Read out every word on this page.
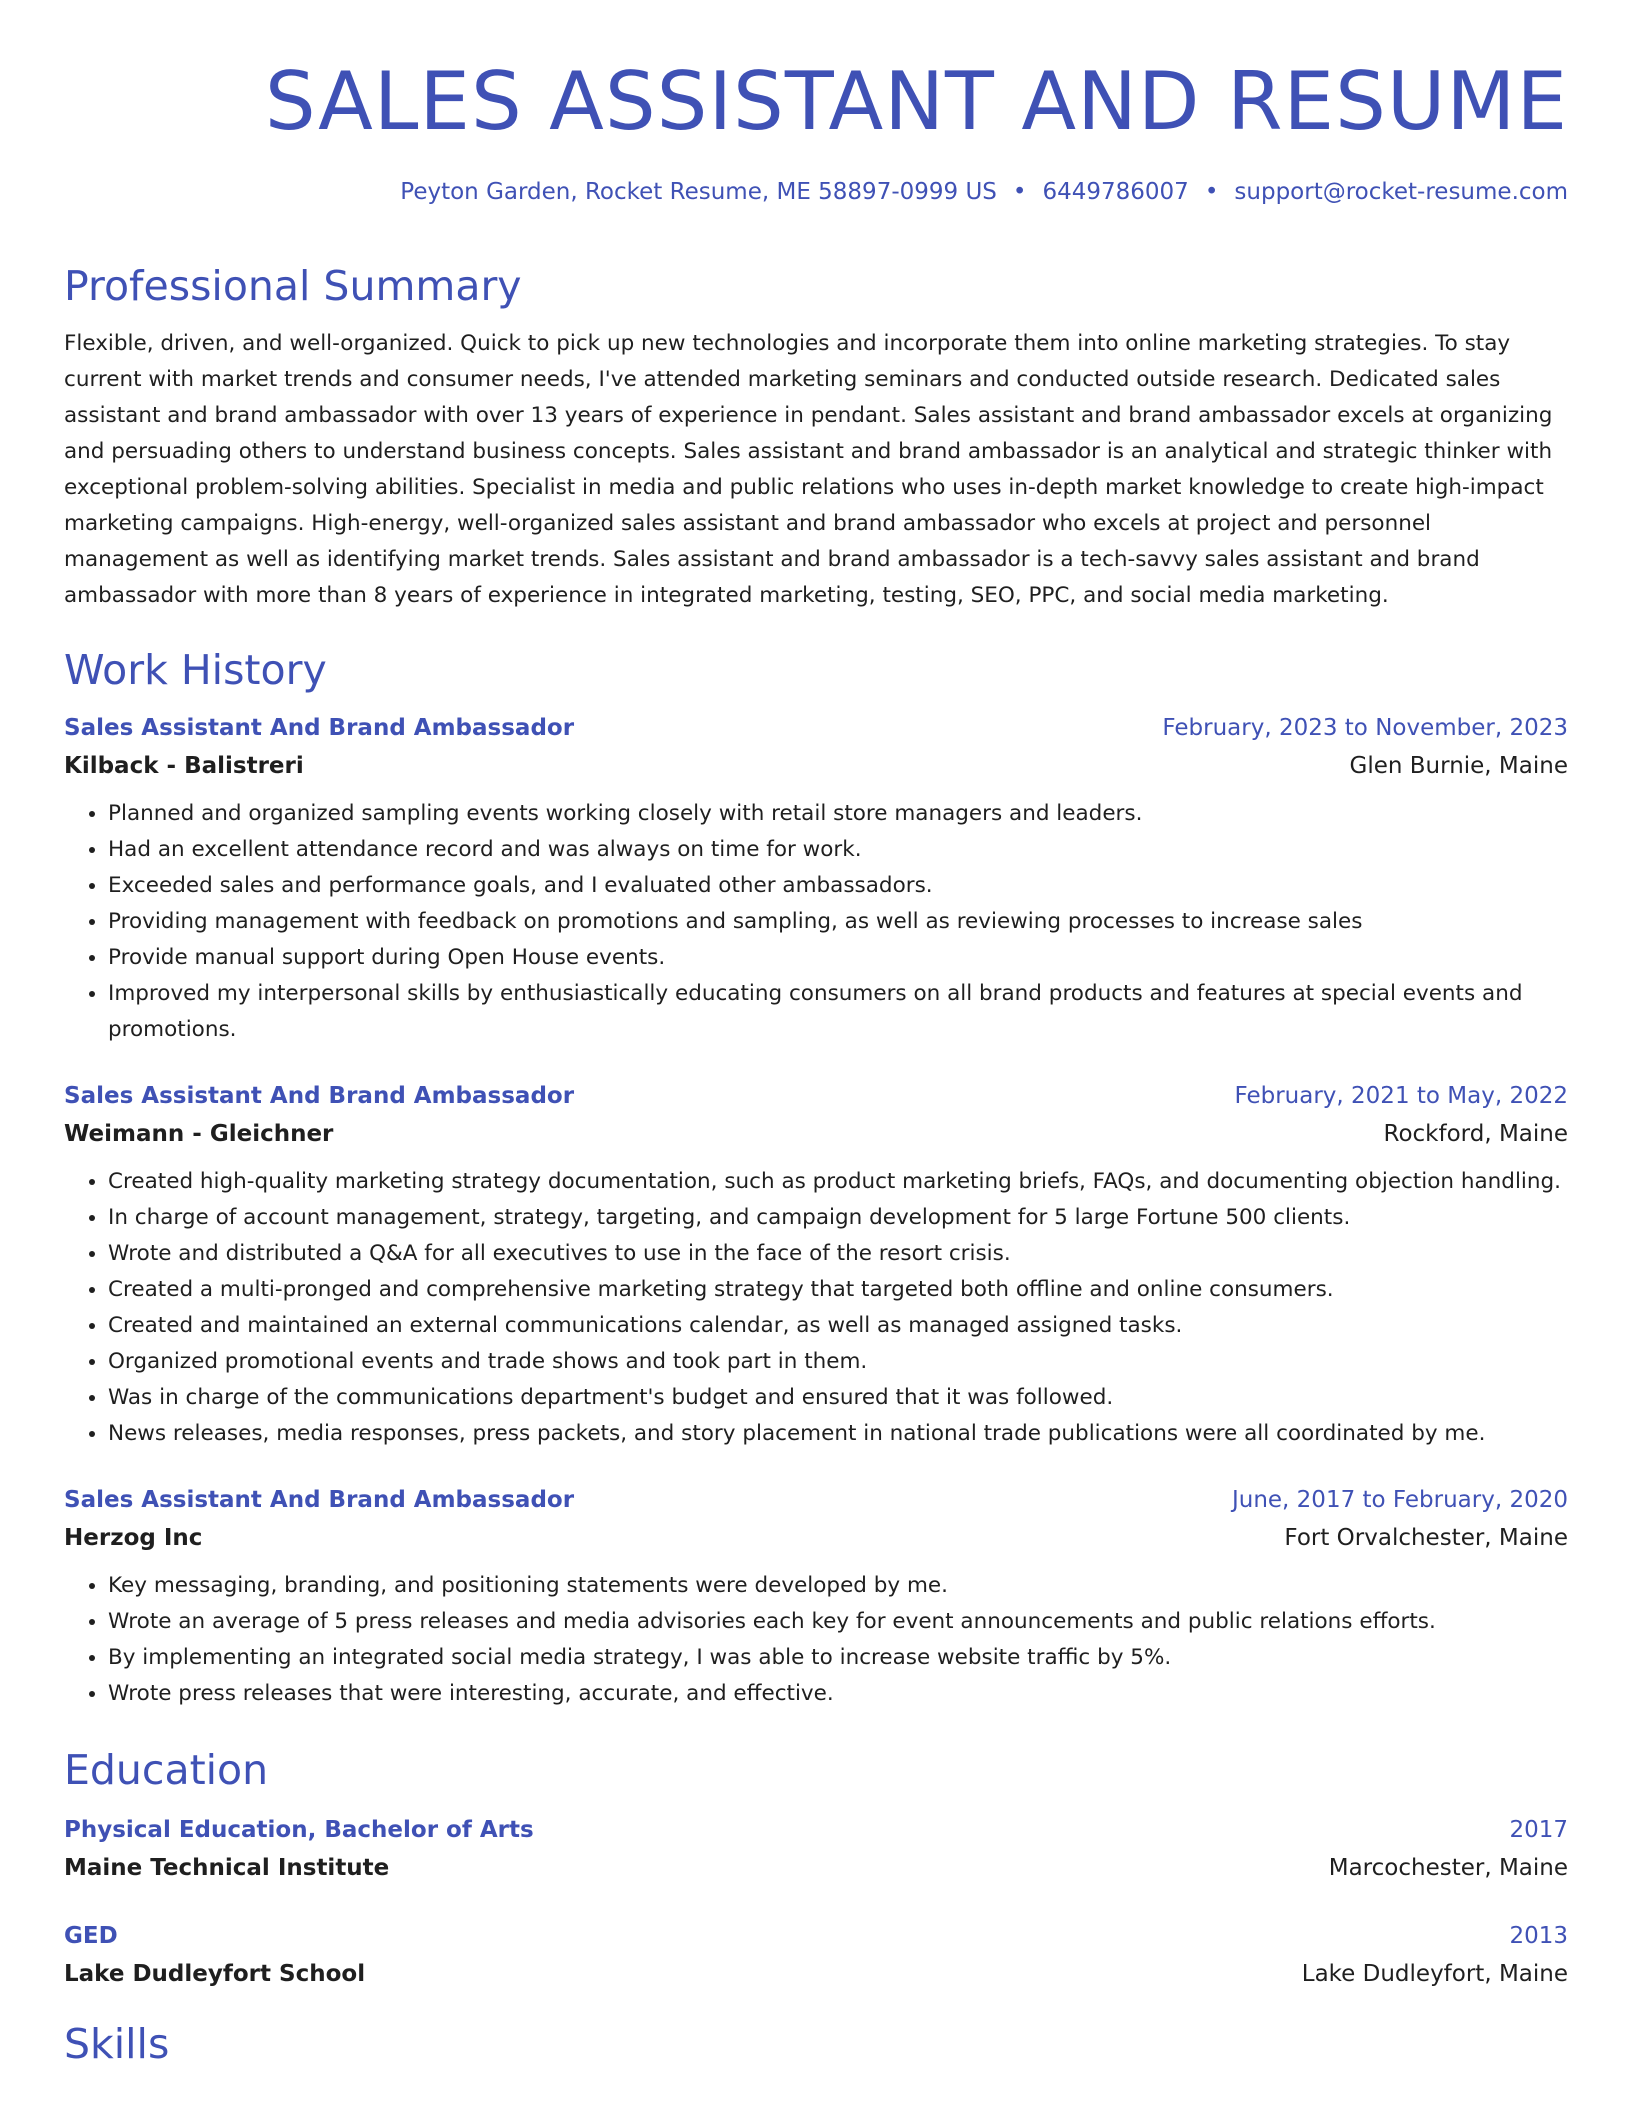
SALES ASSISTANT AND RESUME
Peyton Garden, Rocket Resume, ME 58897-0999 US • 6449786007 • support@rocket-resume.com
Professional Summary
Flexible, driven, and well-organized. Quick to pick up new technologies and incorporate them into online marketing strategies. To stay current with market trends and consumer needs, I've attended marketing seminars and conducted outside research. Dedicated sales assistant and brand ambassador with over 13 years of experience in pendant. Sales assistant and brand ambassador excels at organizing and persuading others to understand business concepts. Sales assistant and brand ambassador is an analytical and strategic thinker with exceptional problem-solving abilities. Specialist in media and public relations who uses in-depth market knowledge to create high-impact marketing campaigns. High-energy, well-organized sales assistant and brand ambassador who excels at project and personnel management as well as identifying market trends. Sales assistant and brand ambassador is a tech-savvy sales assistant and brand ambassador with more than 8 years of experience in integrated marketing, testing, SEO, PPC, and social media marketing.
Work History
Sales Assistant And Brand Ambassador	February, 2023 to November, 2023
Kilback - Balistreri	Glen Burnie, Maine
• Planned and organized sampling events working closely with retail store managers and leaders.
• Had an excellent attendance record and was always on time for work.
• Exceeded sales and performance goals, and I evaluated other ambassadors.
• Providing management with feedback on promotions and sampling, as well as reviewing processes to increase sales
• Provide manual support during Open House events.
• Improved my interpersonal skills by enthusiastically educating consumers on all brand products and features at special events and promotions.
Sales Assistant And Brand Ambassador	February, 2021 to May, 2022
Weimann - Gleichner	Rockford, Maine
• Created high-quality marketing strategy documentation, such as product marketing briefs, FAQs, and documenting objection handling.
• In charge of account management, strategy, targeting, and campaign development for 5 large Fortune 500 clients.
• Wrote and distributed a Q&A for all executives to use in the face of the resort crisis.
• Created a multi-pronged and comprehensive marketing strategy that targeted both offline and online consumers.
• Created and maintained an external communications calendar, as well as managed assigned tasks.
• Organized promotional events and trade shows and took part in them.
• Was in charge of the communications department's budget and ensured that it was followed.
• News releases, media responses, press packets, and story placement in national trade publications were all coordinated by me.
Sales Assistant And Brand Ambassador	June, 2017 to February, 2020
Herzog Inc	Fort Orvalchester, Maine
• Key messaging, branding, and positioning statements were developed by me.
• Wrote an average of 5 press releases and media advisories each key for event announcements and public relations efforts.
• By implementing an integrated social media strategy, I was able to increase website traffic by 5%.
• Wrote press releases that were interesting, accurate, and effective.
Education
Physical Education, Bachelor of Arts	2017
Maine Technical Institute	Marcochester, Maine
GED	2013
Lake Dudleyfort School	Lake Dudleyfort, Maine
Skills
